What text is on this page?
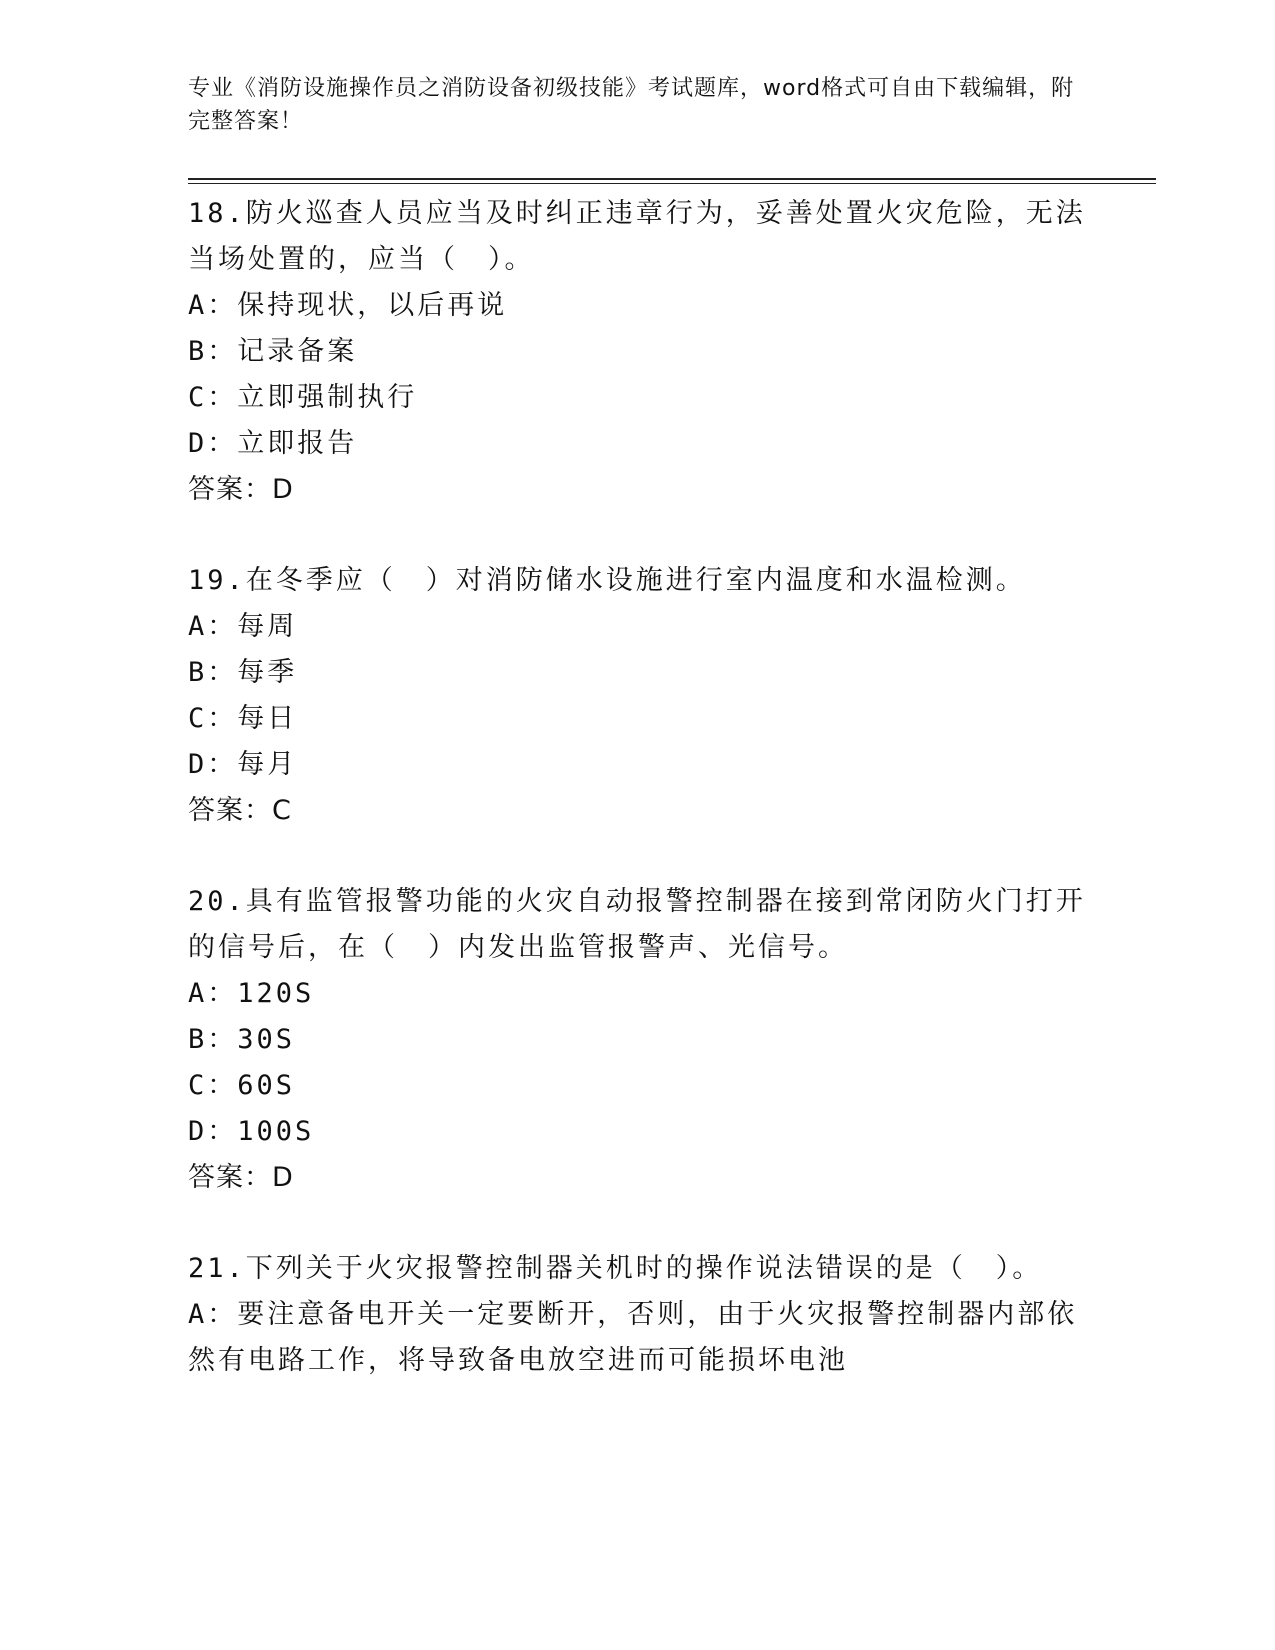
专业《消防设施操作员之消防设备初级技能》考试题库，word格式可自由下载编辑，附完整答案！
18.防火巡查人员应当及时纠正违章行为，妥善处置火灾危险，无法当场处置的，应当（　）。
A：保持现状，以后再说
B：记录备案
C：立即强制执行
D：立即报告
答案：D
19.在冬季应（　）对消防储水设施进行室内温度和水温检测。
A：每周
B：每季
C：每日
D：每月
答案：C
20.具有监管报警功能的火灾自动报警控制器在接到常闭防火门打开的信号后，在（　）内发出监管报警声、光信号。
A：120S
B：30S
C：60S
D：100S
答案：D
21.下列关于火灾报警控制器关机时的操作说法错误的是（　）。
A：要注意备电开关一定要断开，否则，由于火灾报警控制器内部依然有电路工作，将导致备电放空进而可能损坏电池
